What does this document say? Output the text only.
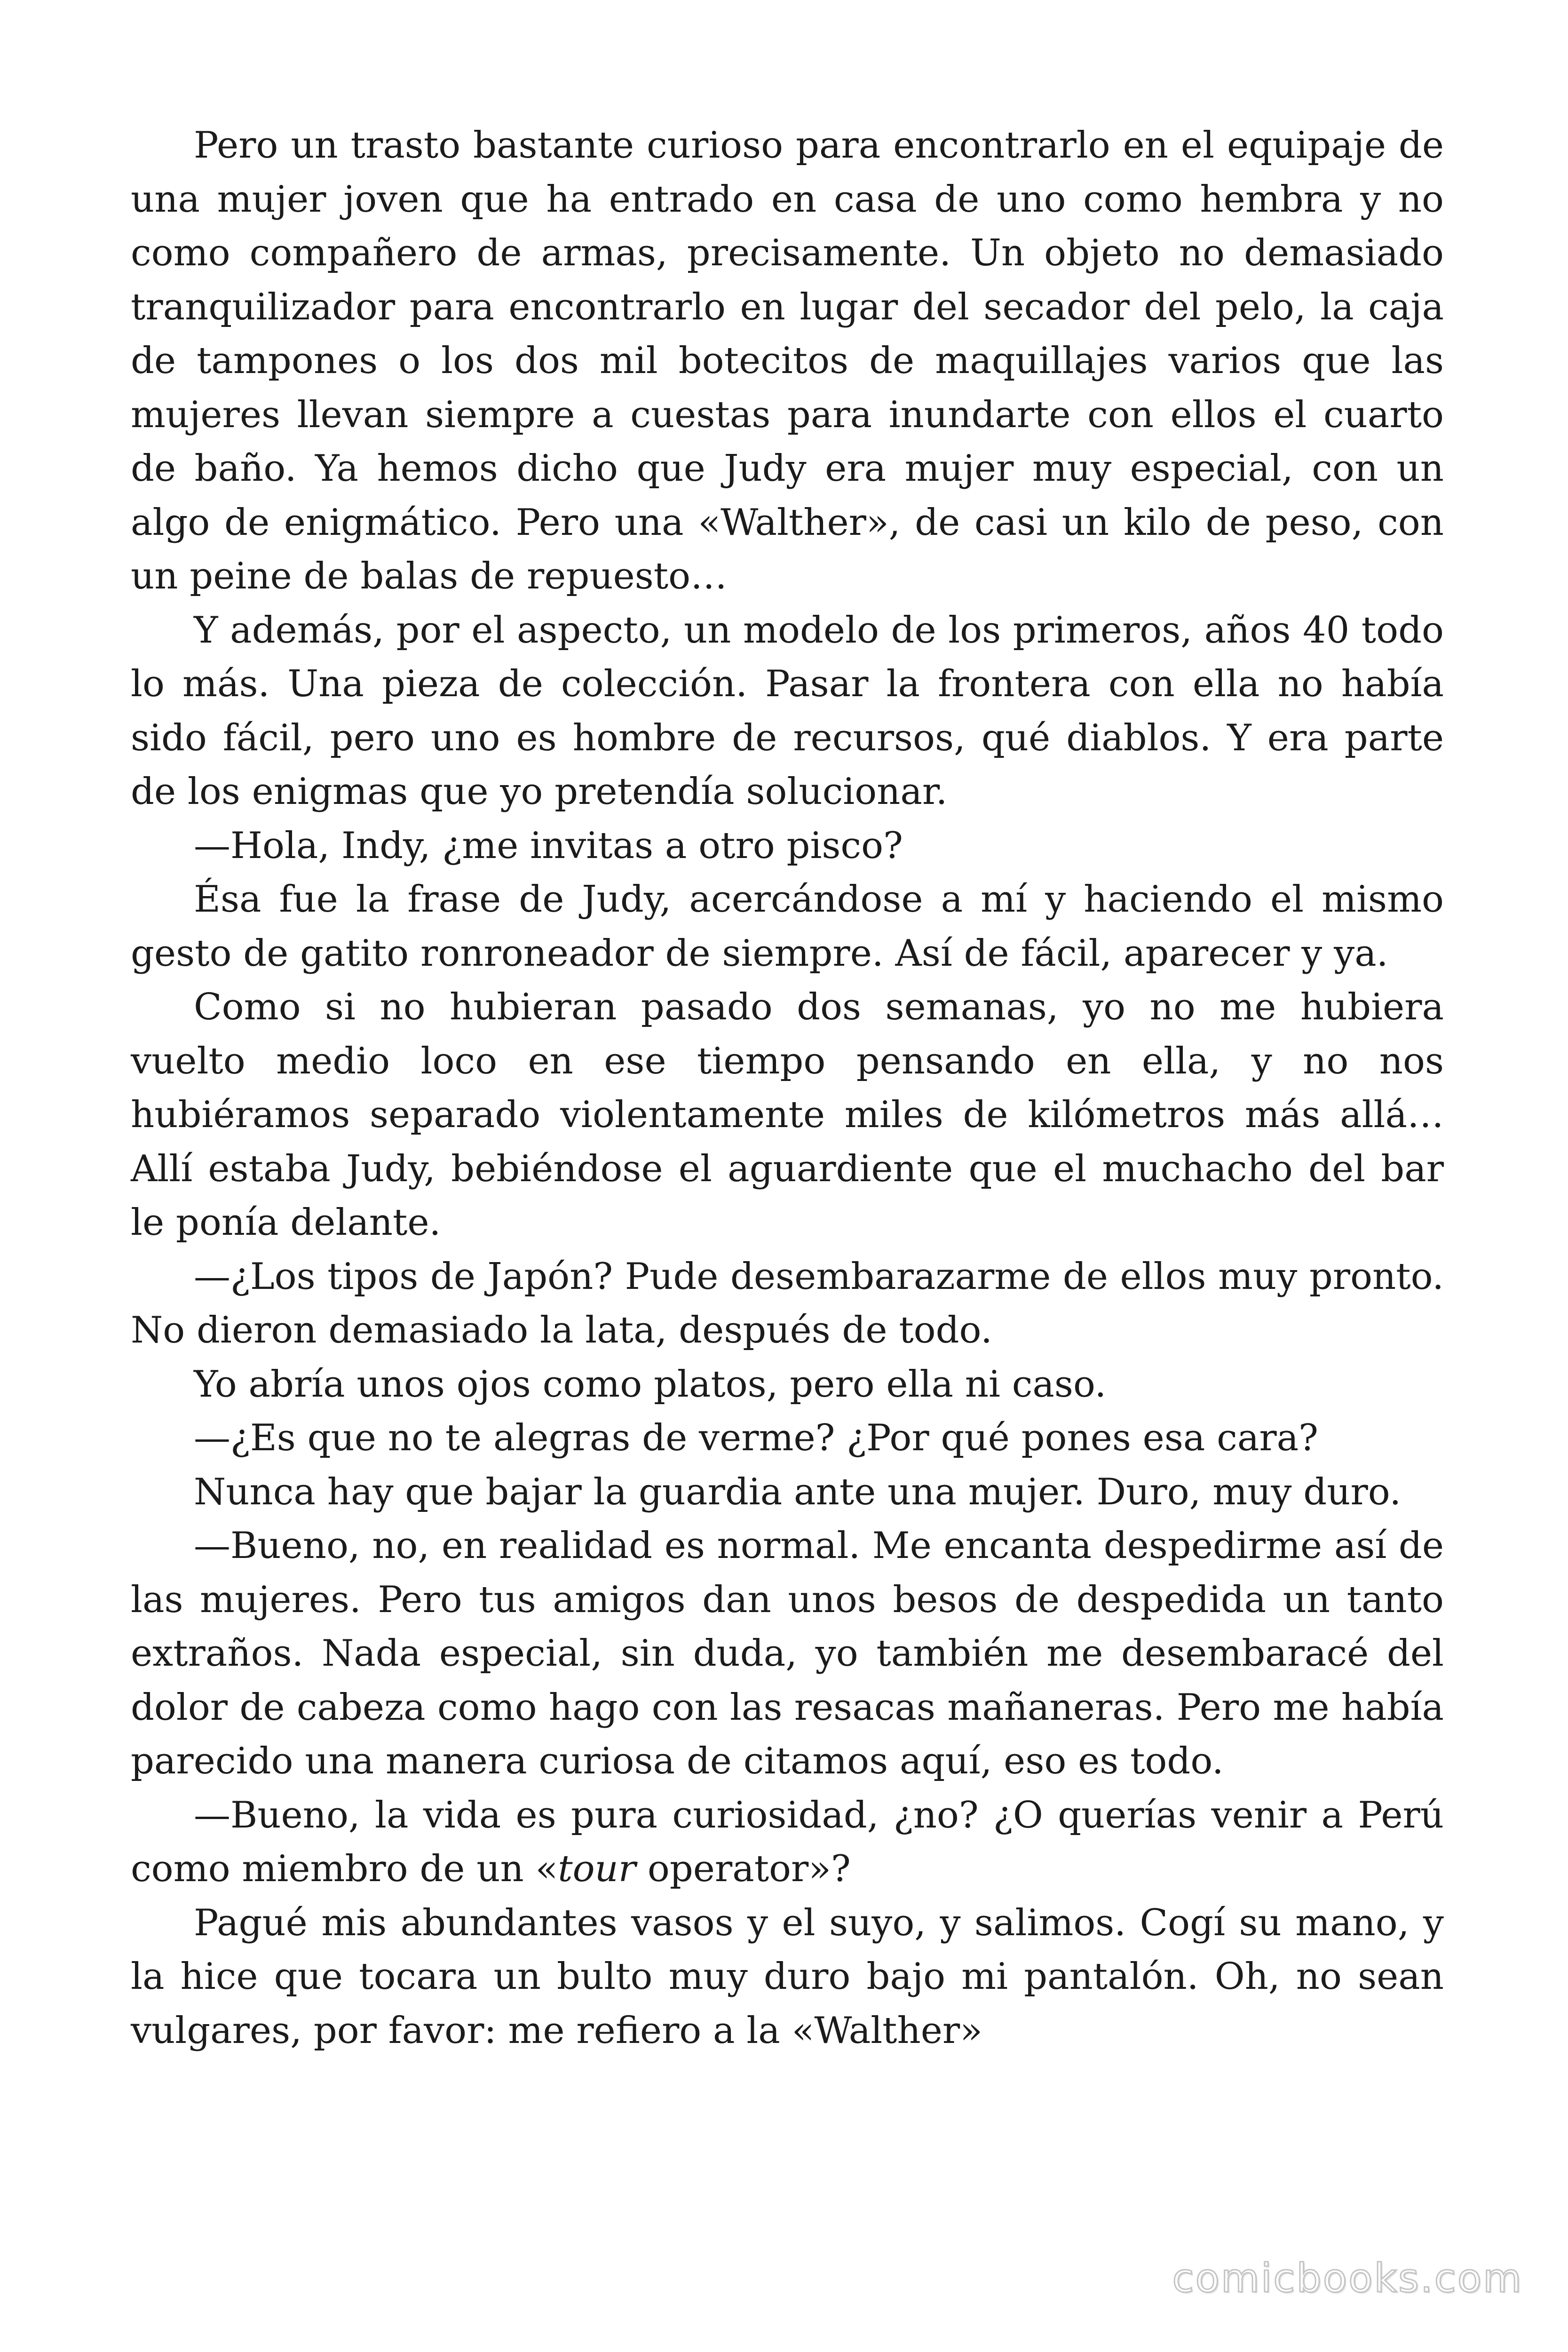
Pero un trasto bastante curioso para encontrarlo en el equipaje de una mujer joven que ha entrado en casa de uno como hembra y no como compañero de armas, precisamente. Un objeto no demasiado tranquilizador para encontrarlo en lugar del secador del pelo, la caja de tampones o los dos mil botecitos de maquillajes varios que las mujeres llevan siempre a cuestas para inundarte con ellos el cuarto de baño. Ya hemos dicho que Judy era mujer muy especial, con un algo de enigmático. Pero una «Walther», de casi un kilo de peso, con un peine de balas de repuesto…

Y además, por el aspecto, un modelo de los primeros, años 40 todo lo más. Una pieza de colección. Pasar la frontera con ella no había sido fácil, pero uno es hombre de recursos, qué diablos. Y era parte de los enigmas que yo pretendía solucionar.

—Hola, Indy, ¿me invitas a otro pisco?

Ésa fue la frase de Judy, acercándose a mí y haciendo el mismo gesto de gatito ronroneador de siempre. Así de fácil, aparecer y ya.

Como si no hubieran pasado dos semanas, yo no me hubiera vuelto medio loco en ese tiempo pensando en ella, y no nos hubiéramos separado violentamente miles de kilómetros más allá… Allí estaba Judy, bebiéndose el aguardiente que el muchacho del bar le ponía delante.

—¿Los tipos de Japón? Pude desembarazarme de ellos muy pronto. No dieron demasiado la lata, después de todo.

Yo abría unos ojos como platos, pero ella ni caso.

—¿Es que no te alegras de verme? ¿Por qué pones esa cara?

Nunca hay que bajar la guardia ante una mujer. Duro, muy duro.

—Bueno, no, en realidad es normal. Me encanta despedirme así de las mujeres. Pero tus amigos dan unos besos de despedida un tanto extraños. Nada especial, sin duda, yo también me desembaracé del dolor de cabeza como hago con las resacas mañaneras. Pero me había parecido una manera curiosa de citamos aquí, eso es todo.

—Bueno, la vida es pura curiosidad, ¿no? ¿O querías venir a Perú como miembro de un «tour operator»?

Pagué mis abundantes vasos y el suyo, y salimos. Cogí su mano, y la hice que tocara un bulto muy duro bajo mi pantalón. Oh, no sean vulgares, por favor: me refiero a la «Walther»

comicbooks.com
